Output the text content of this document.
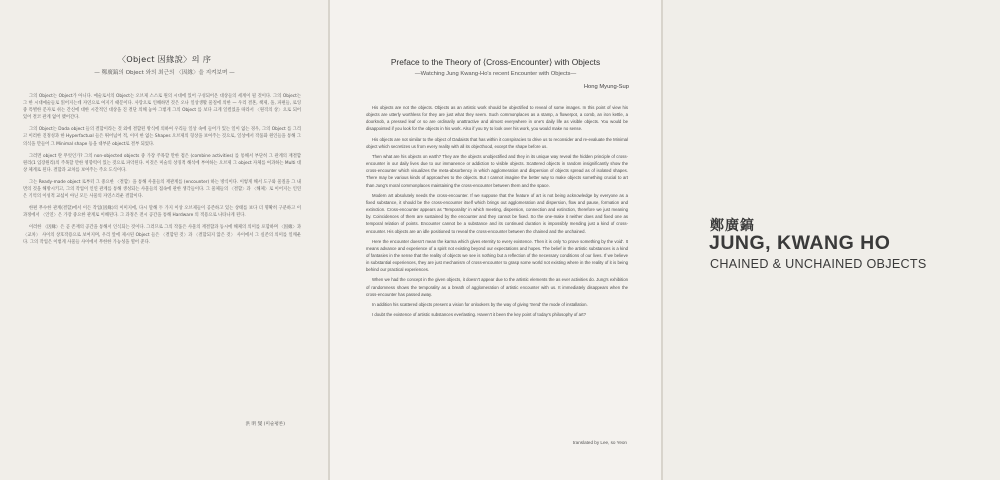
〈Object 因緣說〉의 序
— 鄭廣鎬의 Object 와의 최근의 〈因緣〉을 지켜보며 —

그의 Object는 Object가 아니다. 예술로서의 Object는 오브제 스스로 원의 시대에 있어 구성되어온 대상들의 세계이 될 것이다. 그의 Object는 그 한 시대예술들로 읽어지는데 자연으로 여지기 때문이다. 사랑으로 인해하면 것은 오나 일상생활 물질에 의한 — 우리 결혼, 책제, 돌, 파편들, 로잉 중 특별한 문자로 쉬는 간신에 대한 시간적인 대상을 진 결단 의해 놓아 그렇게 그의 Object 를 보다 크게 일컬었을 따라서 〈원격의 상〉으로 되어 있어 결코 관계 없어 맺어간다.

그의 Object는 Dada object 들의 결합이라는 것 외에 결합된 방식에 의하여 우리들 일상 속에 들어가 있는 일이 없는 경우, 그의 Object 를 그리고 이러한 진정성과 한 Hyperfactual 들은 뛰어넘어 적, 이미 한 없는 Shapes 오브제의 형상을 보여주는 것으로, 일상에서 작품화 원인들을 통해 그 의식을 만들어 그 Minimal shape 등을 대부분 object로 결부 되었다.

그러면 object 란 무엇인가? 그의 non-objected objects 중 가장 주목할 만한 점은 (combine activities) 를 통해서 부단히 그 관계의 재결합 원리(1 입장원리)의 주목할 만한 영향력이 있는 것으로 파악된다. 이것은 미술의 상징적 해석에 부여하는 오브제 그 object 자체를 여과하는 Multi 대상 체계로 된다. 결합과 교차를 보여주는 주요 도식이다.

그는 Ready-made object 로부터 그 중요한 〈결합〉을 통해 사물들의 재관계를 (encounter) 하는 방식이다. 이렇게 해서 도구와 물질을 그 내면의 것을 해방시키고, 그의 작업이 인연 관계를 통해 생성되는 사물들의 접속에 관한 생각들이다. 그 물체들의 〈결합〉과 〈해체〉로 이어지는 인연은 기억의 이성적 교섭이 아닌 모든 사물의 자연스러운 결합이다.

한편 무수한 관계(결합)에서 이든 작업(因緣)의 이미지에, 다시 말해 두 가지 이상 오브제들이 공존하고 있는 상태를 보다 더 명확히 구분하고 이 과정에서 〈인연〉은 가장 중요한 관계로 이해된다. 그 과정은 전시 공간을 통해 Hardware 의 적용으로 나타나게 된다.

이러한 〈因緣〉은 곧 존재의 공간을 통해서 인식되는 것이다. 그러므로 그의 작품은 사물의 재결합과 동시에 해체의 의미를 포함하며 〈因緣〉과 〈교차〉 사이의 상호작용으로 보여지며, 우리 앞에 제시된 Object 들은 〈결합된 것〉과 〈결합되지 않은 것〉 사이에서 그 실존의 의미를 일깨운다. 그의 작업은 이렇게 사물들 사이에서 무한한 가능성을 열어 준다.

洪 明 燮 (미술평론)
Preface to the Theory of ⟨Cross-Encounter⟩ with Objects
—Watching Jung Kwang-Ho's recent Encounter with Objects—
Hong Myung-Sup

His objects are not the objects. Objects as an artistic work should be objectified to reveal of some images. In this point of view his objects are utterly worthless for they are just what they seem. Such commonplaces as a stamp, a flowerpot, a comb, an iron kettle, a doorknob, a pressed leaf or so are ordinarily unattractive and almost everywhere in one's daily life as visible objects. You would be disappointed if you look for the objects in his work. Also if you try to look over his work, you would make no sense.

His objects are not similar to the object of Dadaists that has within it conspiracies to drive us to reconsider and re-evaluate the Minimal object which secretizes us from every reality with all its objecthood, except the shape before us.

Then what are his objects on earth? They are the objects unobjectified and they in its unique way reveal the hidden principle of cross-encounter in our daily lives due to our immanence or addiction to visible objects. Scattered objects in random insignificantly show the cross-encounter which visualizes the meta-absorbency in which agglomeration and dispersion of objects spread as of isolated shapes. There may be various kinds of approaches to the objects. But I cannot imagine the better way to make objects something crucial to art than Jung's moral commonplaces maintaining the cross-encounter between them and the space.

Modern art absolutely needs the cross-encounter. If we suppose that the feature of art is not being acknowledge by everyone as a fixed substance, it should be the cross-encounter itself which brings out agglomeration and dispersion, flow and pause, formation and extinction. Cross-encounter appears as 'Temporality' in which meeting, dispersion, connection and extinction, therefore we just meaning by. Coincidences of them are sustained by the encounter and they cannot be fixed. So the one-make it neither does and fixed one as temporal relation of points. Encounter cannot be a substance and its continued duration is impossibly mending just a kind of cross-encounter. His objects are an idle positioned to reveal the cross-encounter between the chained and the unchained.

Here the encounter doesn't mean the karma which gives eternity to every existence. Then it is only 'to prove something by the void'. It means advance and experience of a spirit not existing beyond our expectations and hopes. The belief in the artistic substances is a kind of fantasies in the sense that the reality of objects we see is nothing but a reflection of the necessary conditions of our lives. If we believe in substantial experiences, they are just mechanism of cross-encounter to grasp some world not existing where in the reality of it is being behind our practical experiences.

When we had the concept in the given objects, it doesn't appear due to the artistic elements the as ever activities do. Jung's exhibition of randomness shows the temporality as a breath of agglomeration of artistic encounter with us. It immediately disappears when the cross-encounter has passed away.

In addition his scattered objects present a vision for onlookers by the way of giving 'trend' the mode of installation.

I doubt the existence of artistic substances everlasting. Haven't it been the key point of today's philosophy of art?

translated by Lee, so Yeon
鄭廣鎬
JUNG, KWANG HO
CHAINED & UNCHAINED OBJECTS
